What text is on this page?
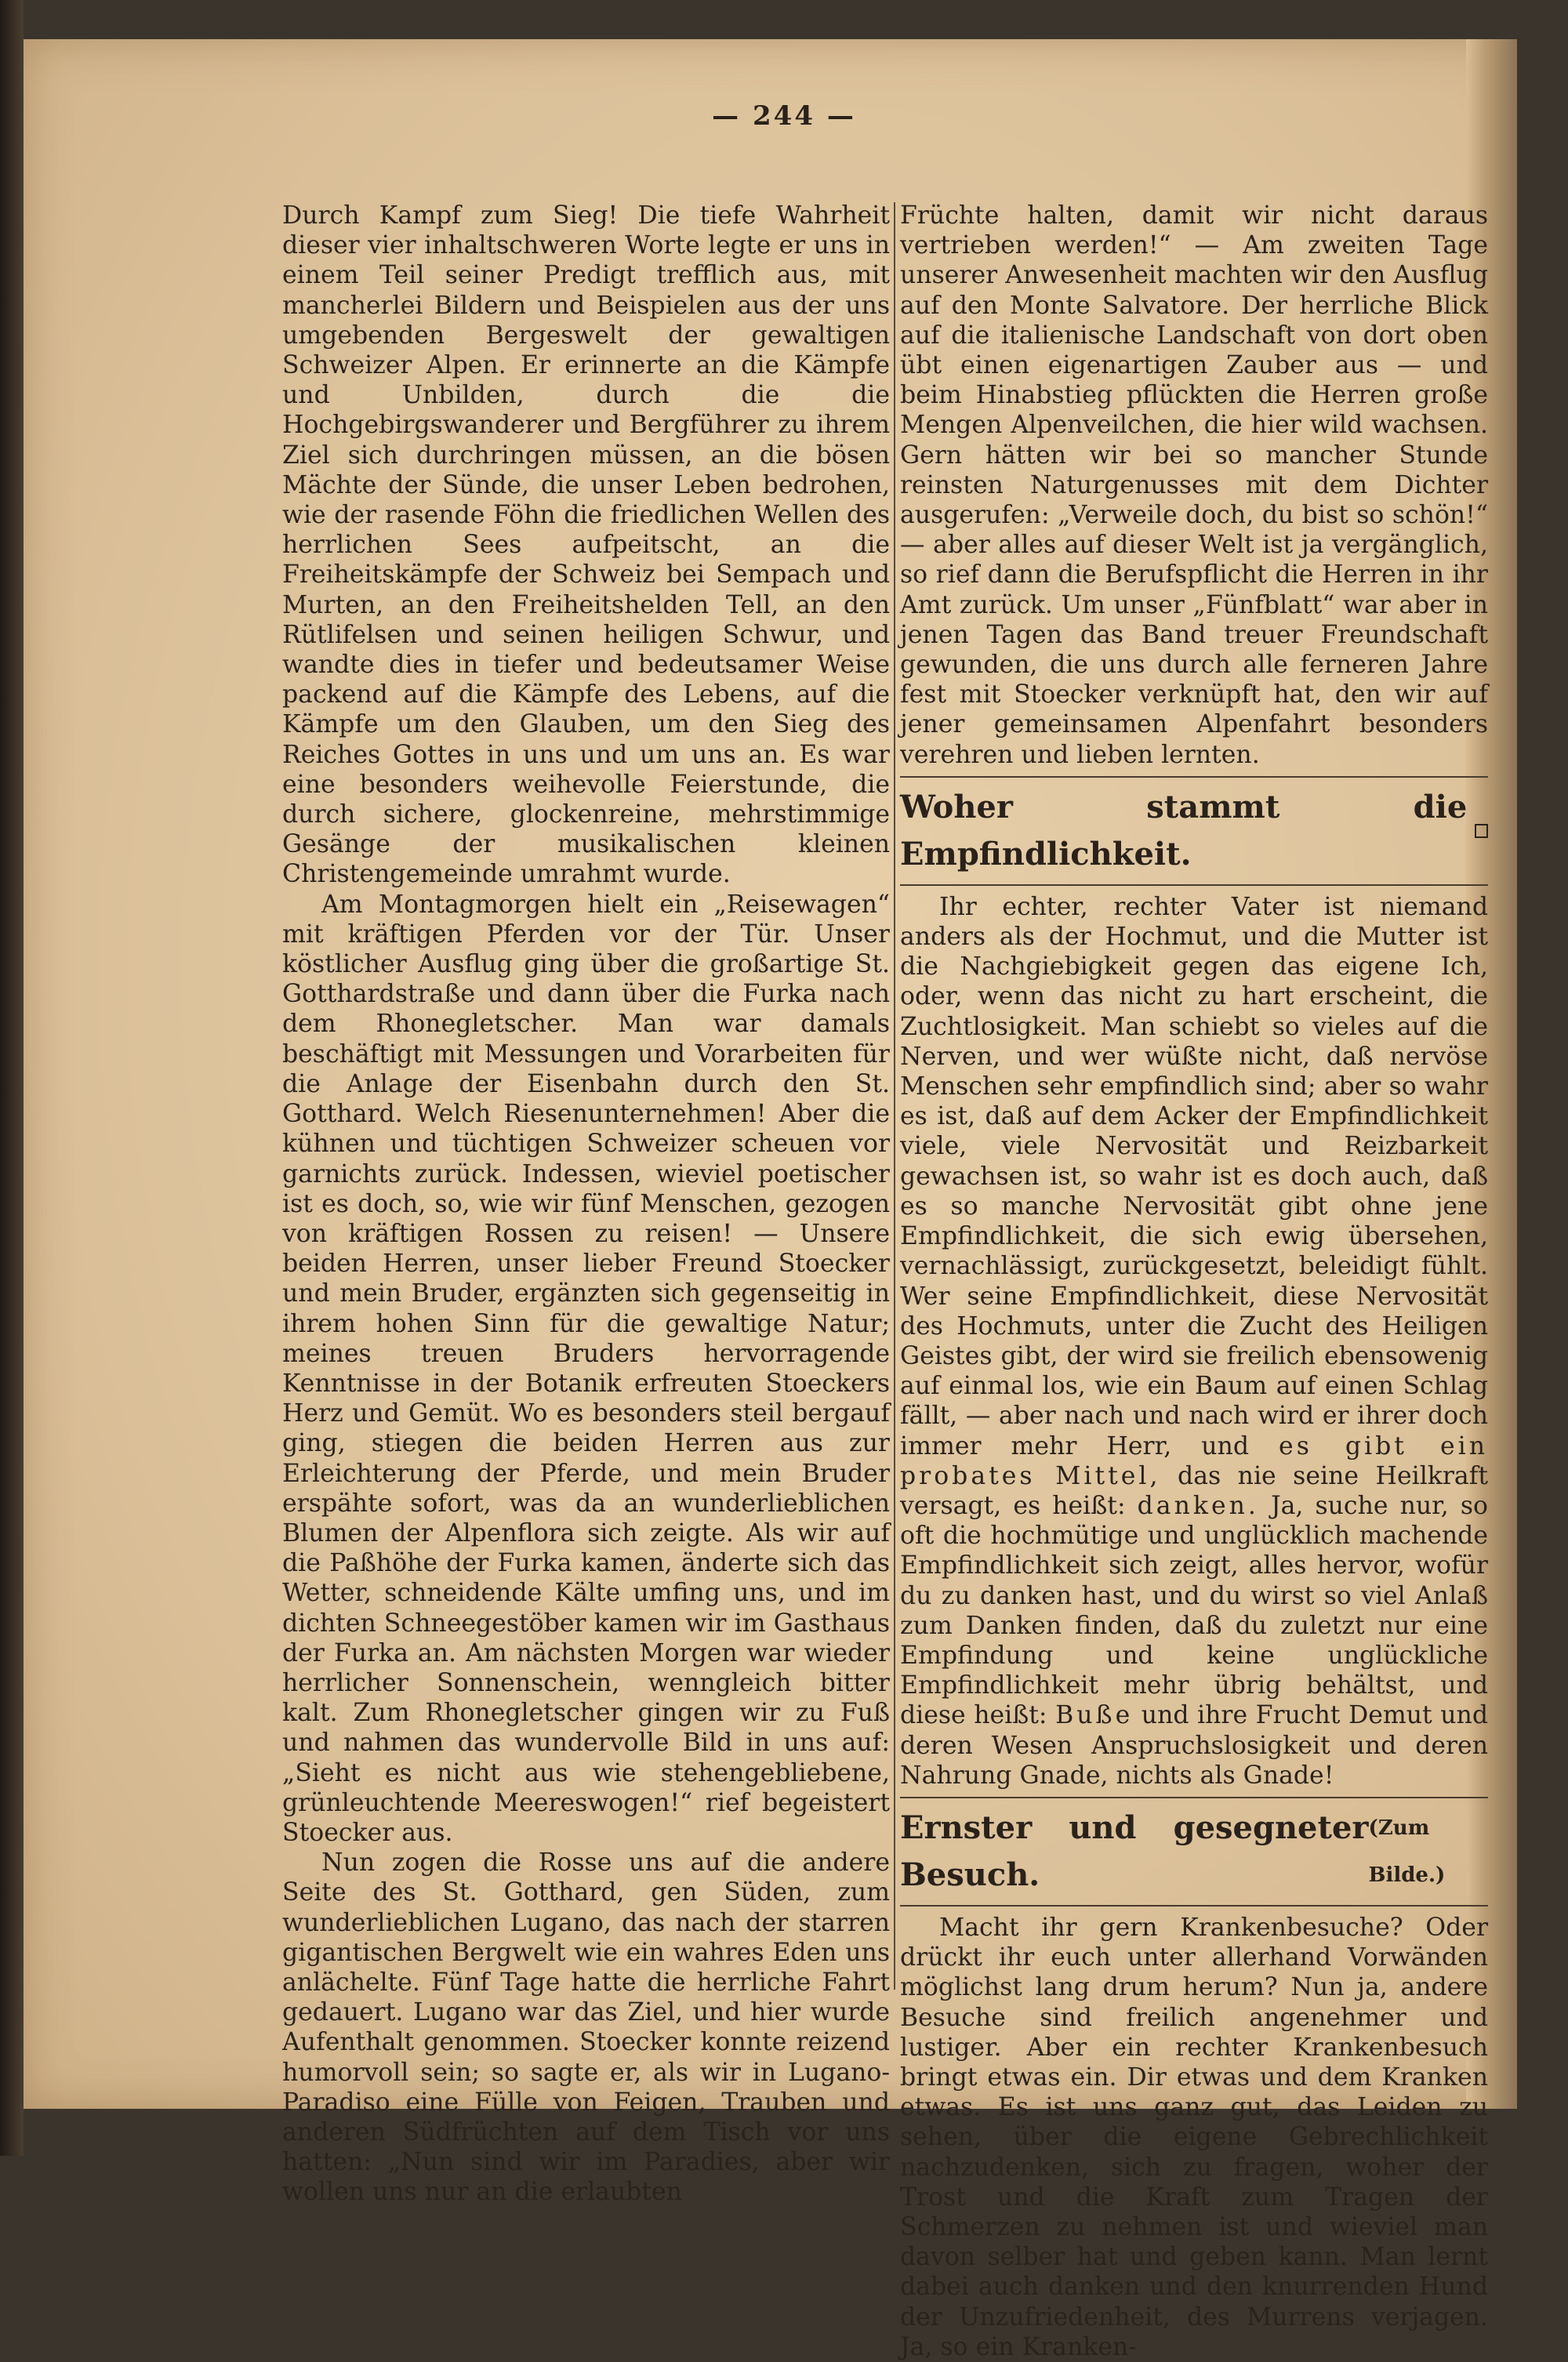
— 244 —

Durch Kampf zum Sieg! Die tiefe Wahrheit dieser vier inhaltschweren Worte legte er uns in einem Teil seiner Predigt trefflich aus, mit mancherlei Bildern und Beispielen aus der uns umgebenden Bergeswelt der gewaltigen Schweizer Alpen. Er erinnerte an die Kämpfe und Unbilden, durch die die Hochgebirgswanderer und Bergführer zu ihrem Ziel sich durchringen müssen, an die bösen Mächte der Sünde, die unser Leben bedrohen, wie der rasende Föhn die friedlichen Wellen des herrlichen Sees aufpeitscht, an die Freiheitskämpfe der Schweiz bei Sempach und Murten, an den Freiheitshelden Tell, an den Rütlifelsen und seinen heiligen Schwur, und wandte dies in tiefer und bedeutsamer Weise packend auf die Kämpfe des Lebens, auf die Kämpfe um den Glauben, um den Sieg des Reiches Gottes in uns und um uns an. Es war eine besonders weihevolle Feierstunde, die durch sichere, glockenreine, mehrstimmige Gesänge der musikalischen kleinen Christengemeinde umrahmt wurde.

Am Montagmorgen hielt ein „Reisewagen“ mit kräftigen Pferden vor der Tür. Unser köstlicher Ausflug ging über die großartige St. Gotthardstraße und dann über die Furka nach dem Rhonegletscher. Man war damals beschäftigt mit Messungen und Vorarbeiten für die Anlage der Eisenbahn durch den St. Gotthard. Welch Riesenunternehmen! Aber die kühnen und tüchtigen Schweizer scheuen vor garnichts zurück. Indessen, wieviel poetischer ist es doch, so, wie wir fünf Menschen, gezogen von kräftigen Rossen zu reisen! — Unsere beiden Herren, unser lieber Freund Stoecker und mein Bruder, ergänzten sich gegenseitig in ihrem hohen Sinn für die gewaltige Natur; meines treuen Bruders hervorragende Kenntnisse in der Botanik erfreuten Stoeckers Herz und Gemüt. Wo es besonders steil bergauf ging, stiegen die beiden Herren aus zur Erleichterung der Pferde, und mein Bruder erspähte sofort, was da an wunderlieblichen Blumen der Alpenflora sich zeigte. Als wir auf die Paßhöhe der Furka kamen, änderte sich das Wetter, schneidende Kälte umfing uns, und im dichten Schneegestöber kamen wir im Gasthaus der Furka an. Am nächsten Morgen war wieder herrlicher Sonnenschein, wenngleich bitter kalt. Zum Rhonegletscher gingen wir zu Fuß und nahmen das wundervolle Bild in uns auf: „Sieht es nicht aus wie stehengebliebene, grünleuchtende Meereswogen!“ rief begeistert Stoecker aus.

Nun zogen die Rosse uns auf die andere Seite des St. Gotthard, gen Süden, zum wunderlieblichen Lugano, das nach der starren gigantischen Bergwelt wie ein wahres Eden uns anlächelte. Fünf Tage hatte die herrliche Fahrt gedauert. Lugano war das Ziel, und hier wurde Aufenthalt genommen. Stoecker konnte reizend humorvoll sein; so sagte er, als wir in Lugano-Paradiso eine Fülle von Feigen, Trauben und anderen Südfrüchten auf dem Tisch vor uns hatten: „Nun sind wir im Paradies, aber wir wollen uns nur an die erlaubten

Früchte halten, damit wir nicht daraus vertrieben werden!“ — Am zweiten Tage unserer Anwesenheit machten wir den Ausflug auf den Monte Salvatore. Der herrliche Blick auf die italienische Landschaft von dort oben übt einen eigenartigen Zauber aus — und beim Hinabstieg pflückten die Herren große Mengen Alpenveilchen, die hier wild wachsen. Gern hätten wir bei so mancher Stunde reinsten Naturgenusses mit dem Dichter ausgerufen: „Verweile doch, du bist so schön!“ — aber alles auf dieser Welt ist ja vergänglich, so rief dann die Berufspflicht die Herren in ihr Amt zurück. Um unser „Fünfblatt“ war aber in jenen Tagen das Band treuer Freundschaft gewunden, die uns durch alle ferneren Jahre fest mit Stoecker verknüpft hat, den wir auf jener gemeinsamen Alpenfahrt besonders verehren und lieben lernten.

Woher stammt die Empfindlichkeit.

Ihr echter, rechter Vater ist niemand anders als der Hochmut, und die Mutter ist die Nachgiebigkeit gegen das eigene Ich, oder, wenn das nicht zu hart erscheint, die Zuchtlosigkeit. Man schiebt so vieles auf die Nerven, und wer wüßte nicht, daß nervöse Menschen sehr empfindlich sind; aber so wahr es ist, daß auf dem Acker der Empfindlichkeit viele, viele Nervosität und Reizbarkeit gewachsen ist, so wahr ist es doch auch, daß es so manche Nervosität gibt ohne jene Empfindlichkeit, die sich ewig übersehen, vernachlässigt, zurückgesetzt, beleidigt fühlt. Wer seine Empfindlichkeit, diese Nervosität des Hochmuts, unter die Zucht des Heiligen Geistes gibt, der wird sie freilich ebensowenig auf einmal los, wie ein Baum auf einen Schlag fällt, — aber nach und nach wird er ihrer doch immer mehr Herr, und es gibt ein probates Mittel, das nie seine Heilkraft versagt, es heißt: danken. Ja, suche nur, so oft die hochmütige und unglücklich machende Empfindlichkeit sich zeigt, alles hervor, wofür du zu danken hast, und du wirst so viel Anlaß zum Danken finden, daß du zuletzt nur eine Empfindung und keine unglückliche Empfindlichkeit mehr übrig behältst, und diese heißt: Buße und ihre Frucht Demut und deren Wesen Anspruchslosigkeit und deren Nahrung Gnade, nichts als Gnade!

Ernster und gesegneter Besuch.
(Zum Bilde.)

Macht ihr gern Krankenbesuche? Oder drückt ihr euch unter allerhand Vorwänden möglichst lang drum herum? Nun ja, andere Besuche sind freilich angenehmer und lustiger. Aber ein rechter Krankenbesuch bringt etwas ein. Dir etwas und dem Kranken etwas. Es ist uns ganz gut, das Leiden zu sehen, über die eigene Gebrechlichkeit nachzudenken, sich zu fragen, woher der Trost und die Kraft zum Tragen der Schmerzen zu nehmen ist und wieviel man davon selber hat und geben kann. Man lernt dabei auch danken und den knurrenden Hund der Unzufriedenheit, des Murrens verjagen. Ja, so ein Kranken-
